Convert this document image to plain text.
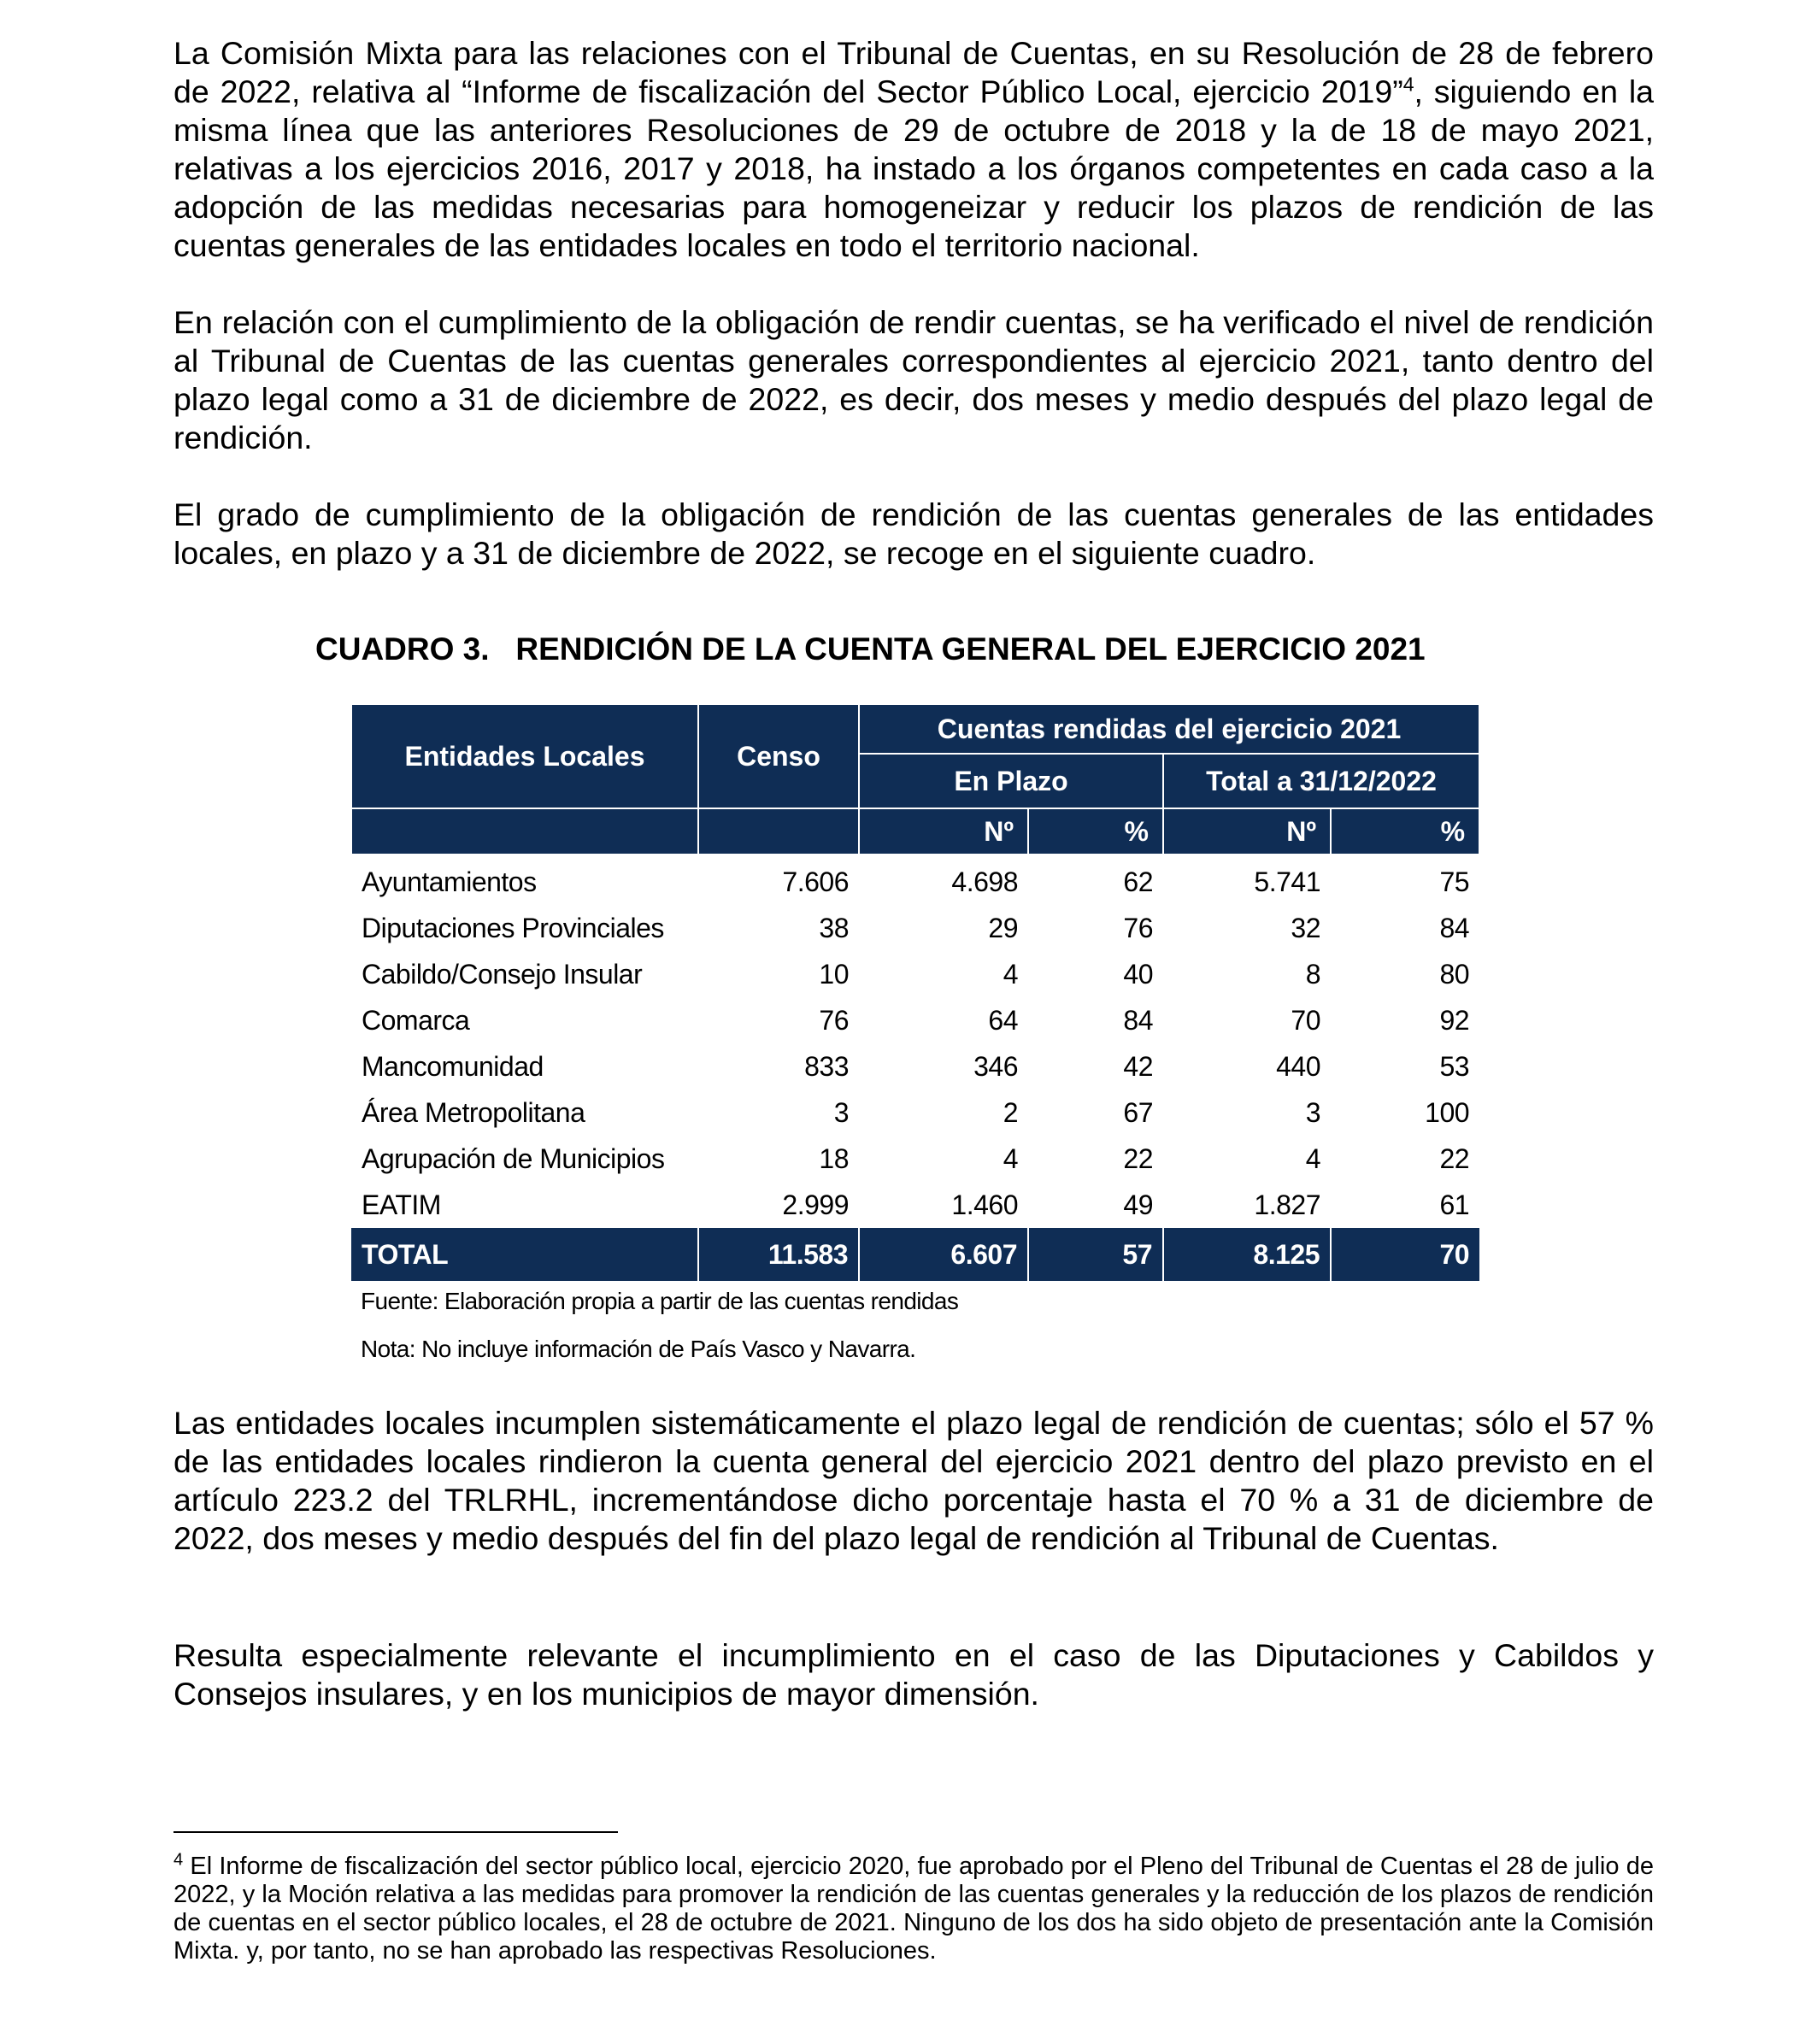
La Comisión Mixta para las relaciones con el Tribunal de Cuentas, en su Resolución de 28 de febrero de 2022, relativa al “Informe de fiscalización del Sector Público Local, ejercicio 2019”$^4$, siguiendo en la misma línea que las anteriores Resoluciones de 29 de octubre de 2018 y la de 18 de mayo 2021, relativas a los ejercicios 2016, 2017 y 2018, ha instado a los órganos competentes en cada caso a la adopción de las medidas necesarias para homogeneizar y reducir los plazos de rendición de las cuentas generales de las entidades locales en todo el territorio nacional.

En relación con el cumplimiento de la obligación de rendir cuentas, se ha verificado el nivel de rendición al Tribunal de Cuentas de las cuentas generales correspondientes al ejercicio 2021, tanto dentro del plazo legal como a 31 de diciembre de 2022, es decir, dos meses y medio después del plazo legal de rendición.

El grado de cumplimiento de la obligación de rendición de las cuentas generales de las entidades locales, en plazo y a 31 de diciembre de 2022, se recoge en el siguiente cuadro.

CUADRO 3.   RENDICIÓN DE LA CUENTA GENERAL DEL EJERCICIO 2021
Entidades Locales	Censo	Cuentas rendidas del ejercicio 2021			
		En Plazo		Total a 31/12/2022	
		Nº	%	Nº	%
Ayuntamientos	7.606	4.698	62	5.741	75
Diputaciones Provinciales	38	29	76	32	84
Cabildo/Consejo Insular	10	4	40	8	80
Comarca	76	64	84	70	92
Mancomunidad	833	346	42	440	53
Área Metropolitana	3	2	67	3	100
Agrupación de Municipios	18	4	22	4	22
EATIM	2.999	1.460	49	1.827	61
TOTAL	11.583	6.607	57	8.125	70
Fuente: Elaboración propia a partir de las cuentas rendidas
Nota: No incluye información de País Vasco y Navarra.

Las entidades locales incumplen sistemáticamente el plazo legal de rendición de cuentas; sólo el 57 % de las entidades locales rindieron la cuenta general del ejercicio 2021 dentro del plazo previsto en el artículo 223.2 del TRLRHL, incrementándose dicho porcentaje hasta el 70 % a 31 de diciembre de 2022, dos meses y medio después del fin del plazo legal de rendición al Tribunal de Cuentas.

Resulta especialmente relevante el incumplimiento en el caso de las Diputaciones y Cabildos y Consejos insulares, y en los municipios de mayor dimensión.

$^4$ El Informe de fiscalización del sector público local, ejercicio 2020, fue aprobado por el Pleno del Tribunal de Cuentas el 28 de julio de 2022, y la Moción relativa a las medidas para promover la rendición de las cuentas generales y la reducción de los plazos de rendición de cuentas en el sector público locales, el 28 de octubre de 2021. Ninguno de los dos ha sido objeto de presentación ante la Comisión Mixta. y, por tanto, no se han aprobado las respectivas Resoluciones.
